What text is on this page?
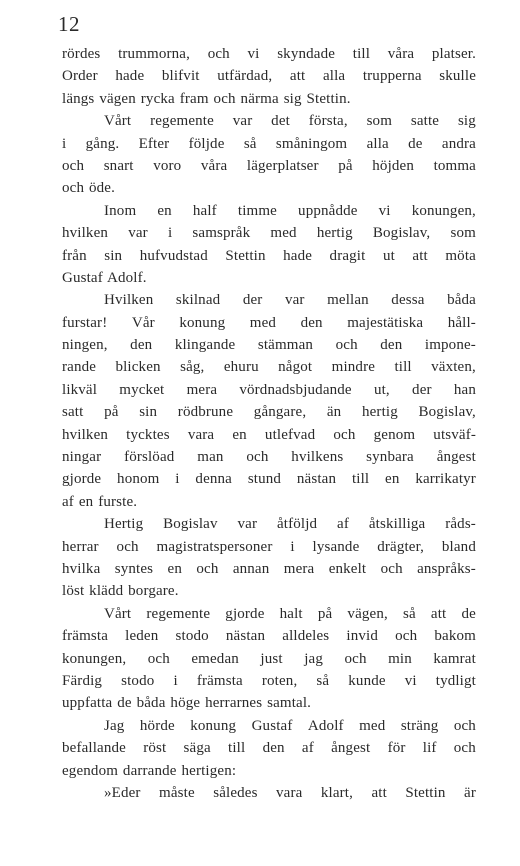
12
rördes trummorna, och vi skyndade till våra platser.
Order hade blifvit utfärdad, att alla trupperna skulle
längs vägen rycka fram och närma sig Stettin.
Vårt regemente var det första, som satte sig
i gång. Efter följde så småningom alla de andra
och snart voro våra lägerplatser på höjden tomma
och öde.
Inom en half timme uppnådde vi konungen,
hvilken var i samspråk med hertig Bogislav, som
från sin hufvudstad Stettin hade dragit ut att möta
Gustaf Adolf.
Hvilken skilnad der var mellan dessa båda
furstar! Vår konung med den majestätiska håll-
ningen, den klingande stämman och den impone-
rande blicken såg, ehuru något mindre till växten,
likväl mycket mera vördnadsbjudande ut, der han
satt på sin rödbrune gångare, än hertig Bogislav,
hvilken tycktes vara en utlefvad och genom utsväf-
ningar förslöad man och hvilkens synbara ångest
gjorde honom i denna stund nästan till en karrikatyr
af en furste.
Hertig Bogislav var åtföljd af åtskilliga råds-
herrar och magistratspersoner i lysande drägter, bland
hvilka syntes en och annan mera enkelt och anspråks-
löst klädd borgare.
Vårt regemente gjorde halt på vägen, så att de
främsta leden stodo nästan alldeles invid och bakom
konungen, och emedan just jag och min kamrat
Färdig stodo i främsta roten, så kunde vi tydligt
uppfatta de båda höge herrarnes samtal.
Jag hörde konung Gustaf Adolf med sträng och
befallande röst säga till den af ångest för lif och
egendom darrande hertigen:
»Eder måste således vara klart, att Stettin är
